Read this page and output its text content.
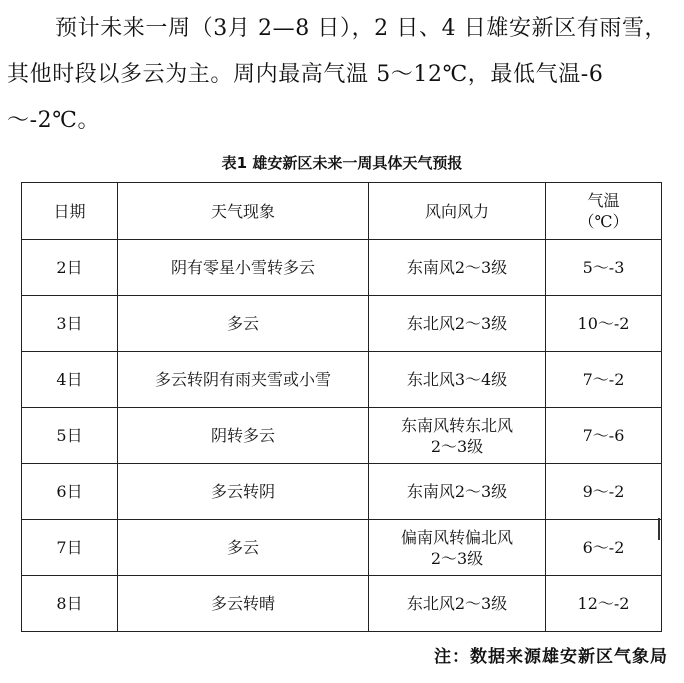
预计未来一周（3月 2—8 日），2 日、4 日雄安新区有雨雪，其他时段以多云为主。周内最高气温 5～12℃，最低气温-6～-2℃。

表1 雄安新区未来一周具体天气预报
日期	天气现象	风向风力	气温
（℃）

2日	阴有零星小雪转多云	东南风2～3级	5～-3
3日	多云	东北风2～3级	10～-2
4日	多云转阴有雨夹雪或小雪	东北风3～4级	7～-2
5日	阴转多云	东南风转东北风
2～3级	7～-6
6日	多云转阴	东南风2～3级	9～-2
7日	多云	偏南风转偏北风
2～3级	6～-2
8日	多云转晴	东北风2～3级	12～-2
注：数据来源雄安新区气象局
